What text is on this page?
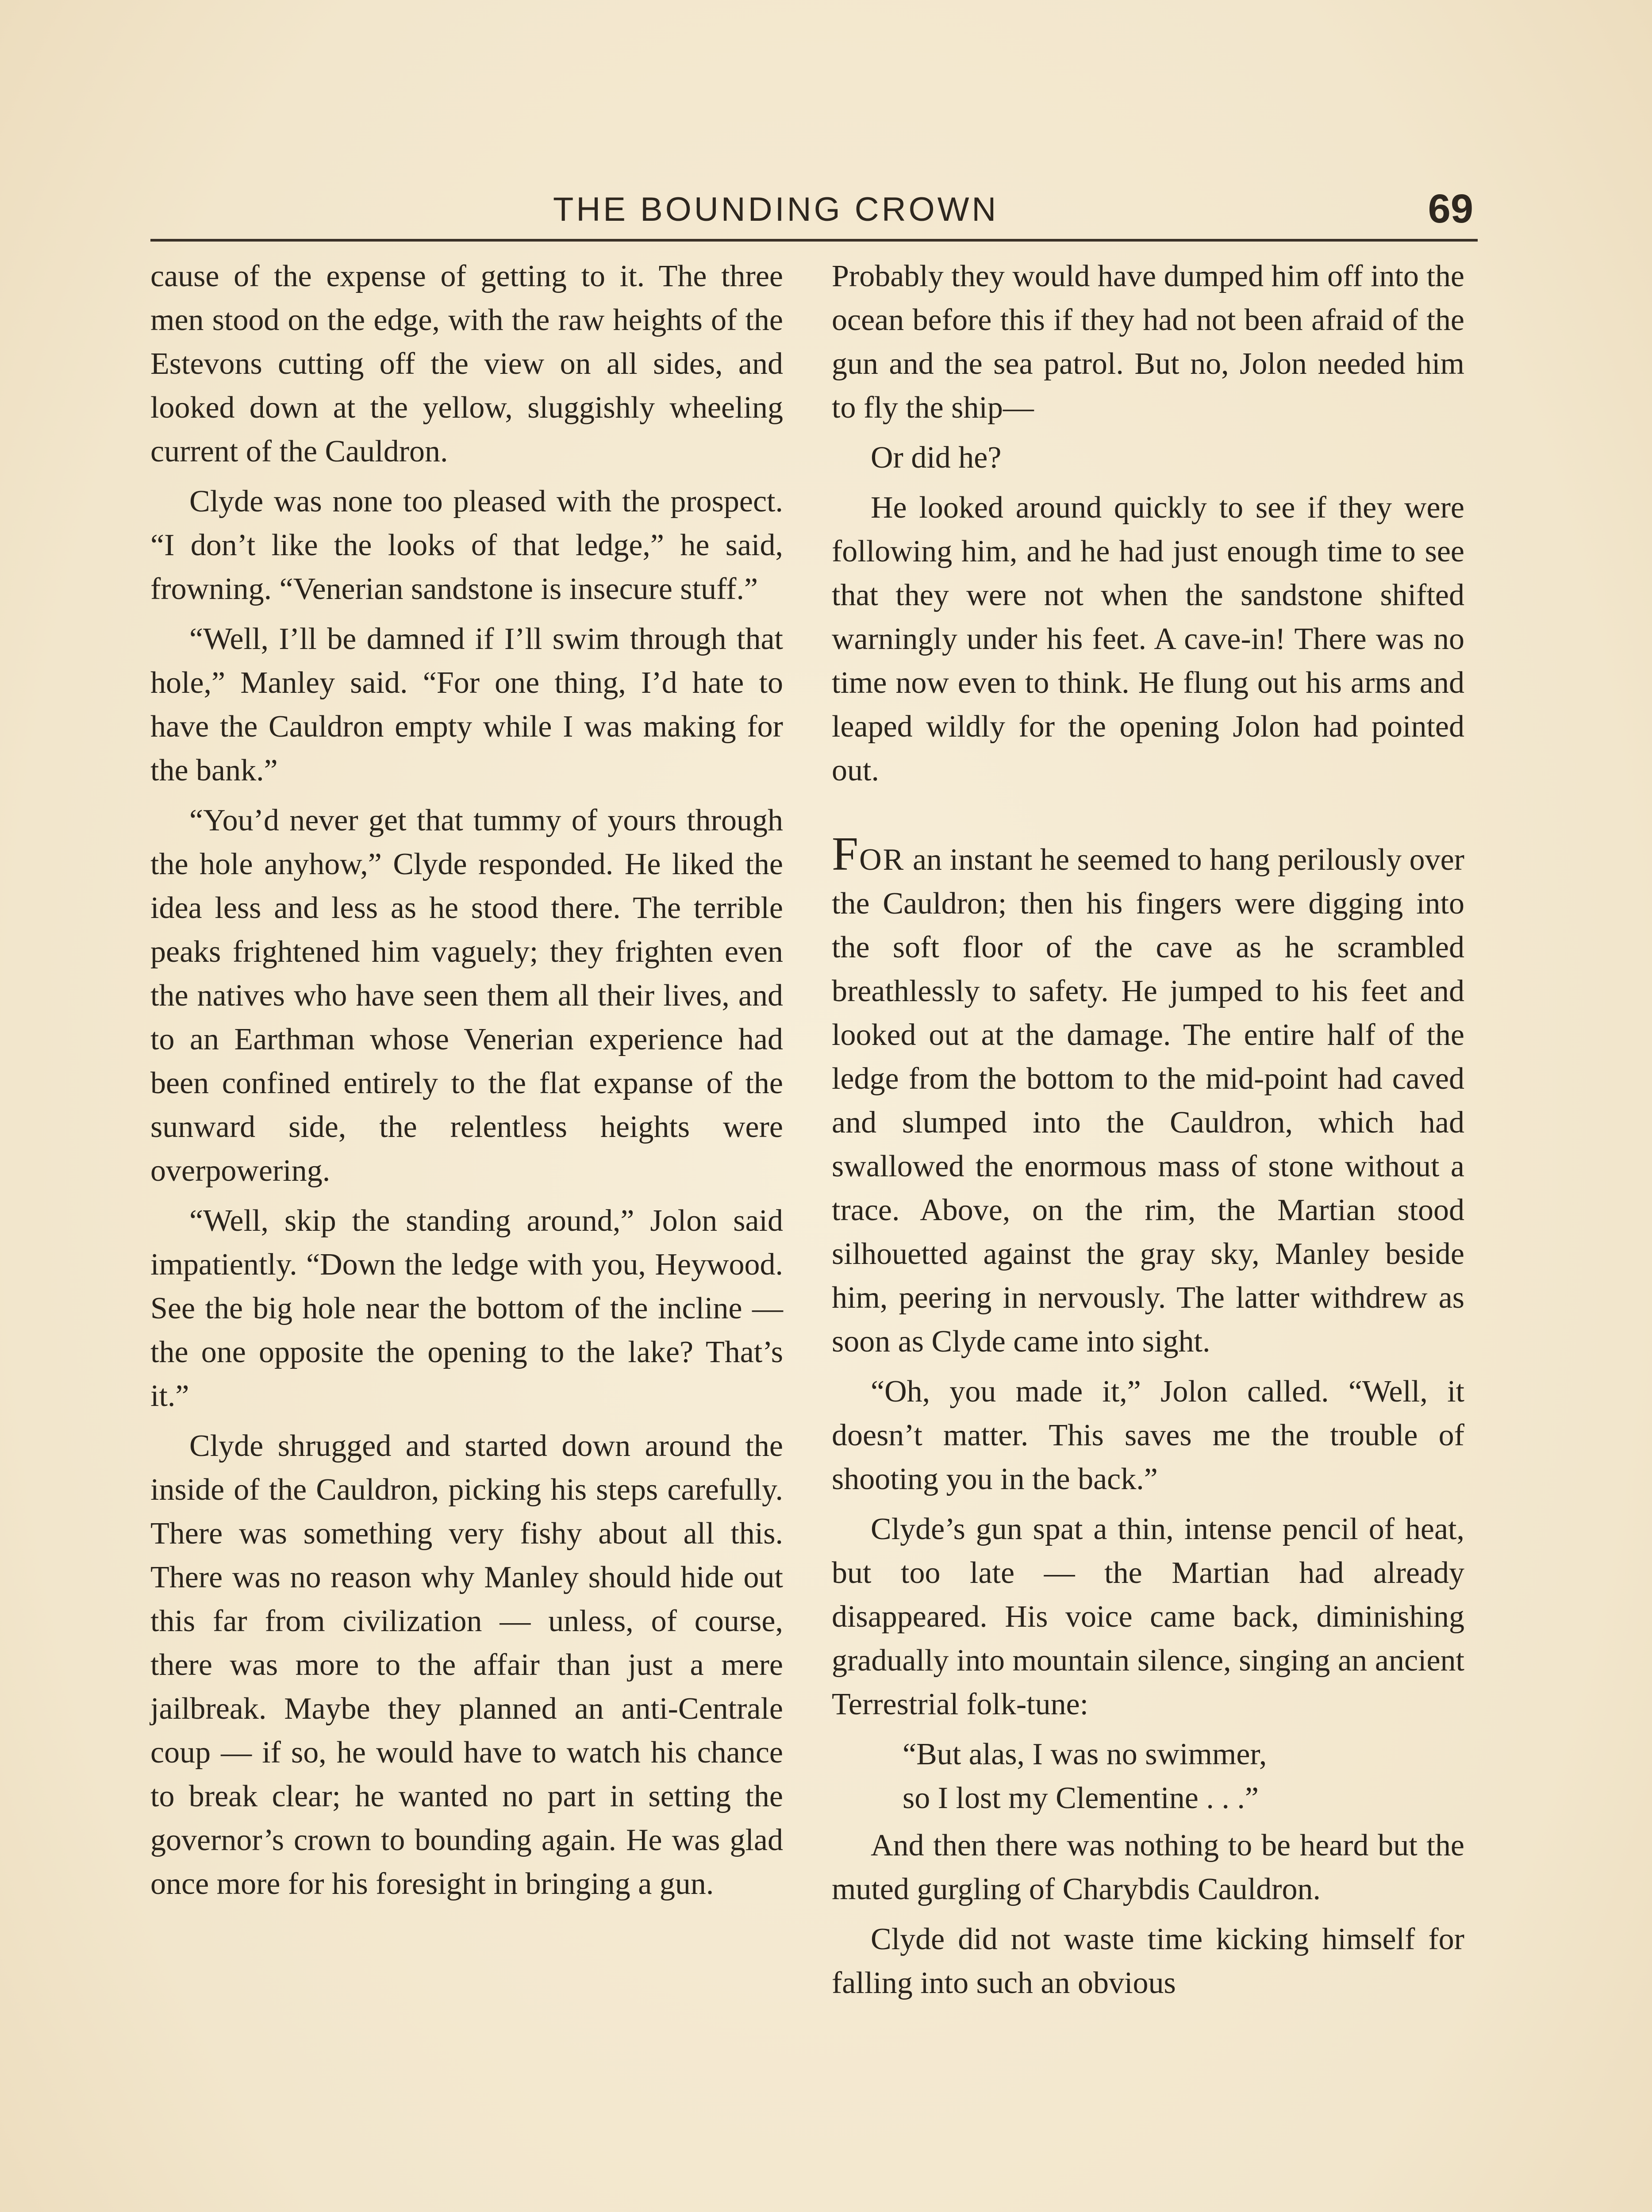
THE BOUNDING CROWN	69

cause of the expense of getting to it. The three men stood on the edge, with the raw heights of the Estevons cutting off the view on all sides, and looked down at the yellow, sluggishly wheeling current of the Cauldron.

Clyde was none too pleased with the prospect. “I don’t like the looks of that ledge,” he said, frowning. “Venerian sandstone is insecure stuff.”

“Well, I’ll be damned if I’ll swim through that hole,” Manley said. “For one thing, I’d hate to have the Cauldron empty while I was making for the bank.”

“You’d never get that tummy of yours through the hole anyhow,” Clyde responded. He liked the idea less and less as he stood there. The terrible peaks frightened him vaguely; they frighten even the natives who have seen them all their lives, and to an Earthman whose Venerian experience had been confined entirely to the flat expanse of the sunward side, the relentless heights were overpowering.

“Well, skip the standing around,” Jolon said impatiently. “Down the ledge with you, Heywood. See the big hole near the bottom of the incline — the one opposite the opening to the lake? That’s it.”

Clyde shrugged and started down around the inside of the Cauldron, picking his steps carefully. There was something very fishy about all this. There was no reason why Manley should hide out this far from civilization — unless, of course, there was more to the affair than just a mere jailbreak. Maybe they planned an anti-Centrale coup — if so, he would have to watch his chance to break clear; he wanted no part in setting the governor’s crown to bounding again. He was glad once more for his foresight in bringing a gun.

Probably they would have dumped him off into the ocean before this if they had not been afraid of the gun and the sea patrol. But no, Jolon needed him to fly the ship—

Or did he?

He looked around quickly to see if they were following him, and he had just enough time to see that they were not when the sandstone shifted warningly under his feet. A cave-in! There was no time now even to think. He flung out his arms and leaped wildly for the opening Jolon had pointed out.

FOR an instant he seemed to hang perilously over the Cauldron; then his fingers were digging into the soft floor of the cave as he scrambled breathlessly to safety. He jumped to his feet and looked out at the damage. The entire half of the ledge from the bottom to the mid-point had caved and slumped into the Cauldron, which had swallowed the enormous mass of stone without a trace. Above, on the rim, the Martian stood silhouetted against the gray sky, Manley beside him, peering in nervously. The latter withdrew as soon as Clyde came into sight.

“Oh, you made it,” Jolon called. “Well, it doesn’t matter. This saves me the trouble of shooting you in the back.”

Clyde’s gun spat a thin, intense pencil of heat, but too late — the Martian had already disappeared. His voice came back, diminishing gradually into mountain silence, singing an ancient Terrestrial folk-tune:

“But alas, I was no swimmer,
so I lost my Clementine . . .”

And then there was nothing to be heard but the muted gurgling of Charybdis Cauldron.

Clyde did not waste time kicking himself for falling into such an obvious
